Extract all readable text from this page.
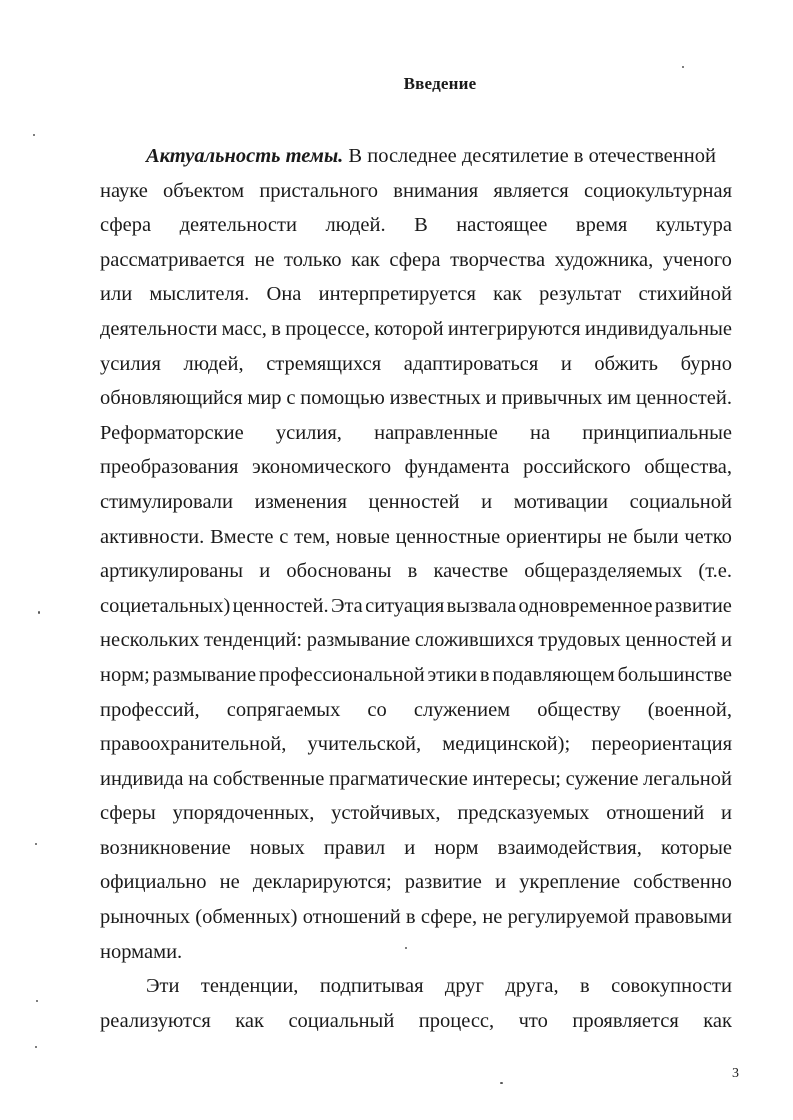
Введение
Актуальность темы. В последнее десятилетие в отечественной
науке объектом пристального внимания является социокультурная
сфера деятельности людей. В настоящее время культура
рассматривается не только как сфера творчества художника, ученого
или мыслителя. Она интерпретируется как результат стихийной
деятельности масс, в процессе, которой интегрируются индивидуальные
усилия людей, стремящихся адаптироваться и обжить бурно
обновляющийся мир с помощью известных и привычных им ценностей.
Реформаторские усилия, направленные на принципиальные
преобразования экономического фундамента российского общества,
стимулировали изменения ценностей и мотивации социальной
активности. Вместе с тем, новые ценностные ориентиры не были четко
артикулированы и обоснованы в качестве общеразделяемых (т.е.
социетальных) ценностей. Эта ситуация вызвала одновременное развитие
нескольких тенденций: размывание сложившихся трудовых ценностей и
норм; размывание профессиональной этики в подавляющем большинстве
профессий, сопрягаемых со служением обществу (военной,
правоохранительной, учительской, медицинской); переориентация
индивида на собственные прагматические интересы; сужение легальной
сферы упорядоченных, устойчивых, предсказуемых отношений и
возникновение новых правил и норм взаимодействия, которые
официально не декларируются; развитие и укрепление собственно
рыночных (обменных) отношений в сфере, не регулируемой правовыми
нормами.
Эти тенденции, подпитывая друг друга, в совокупности
реализуются как социальный процесс, что проявляется как
3
